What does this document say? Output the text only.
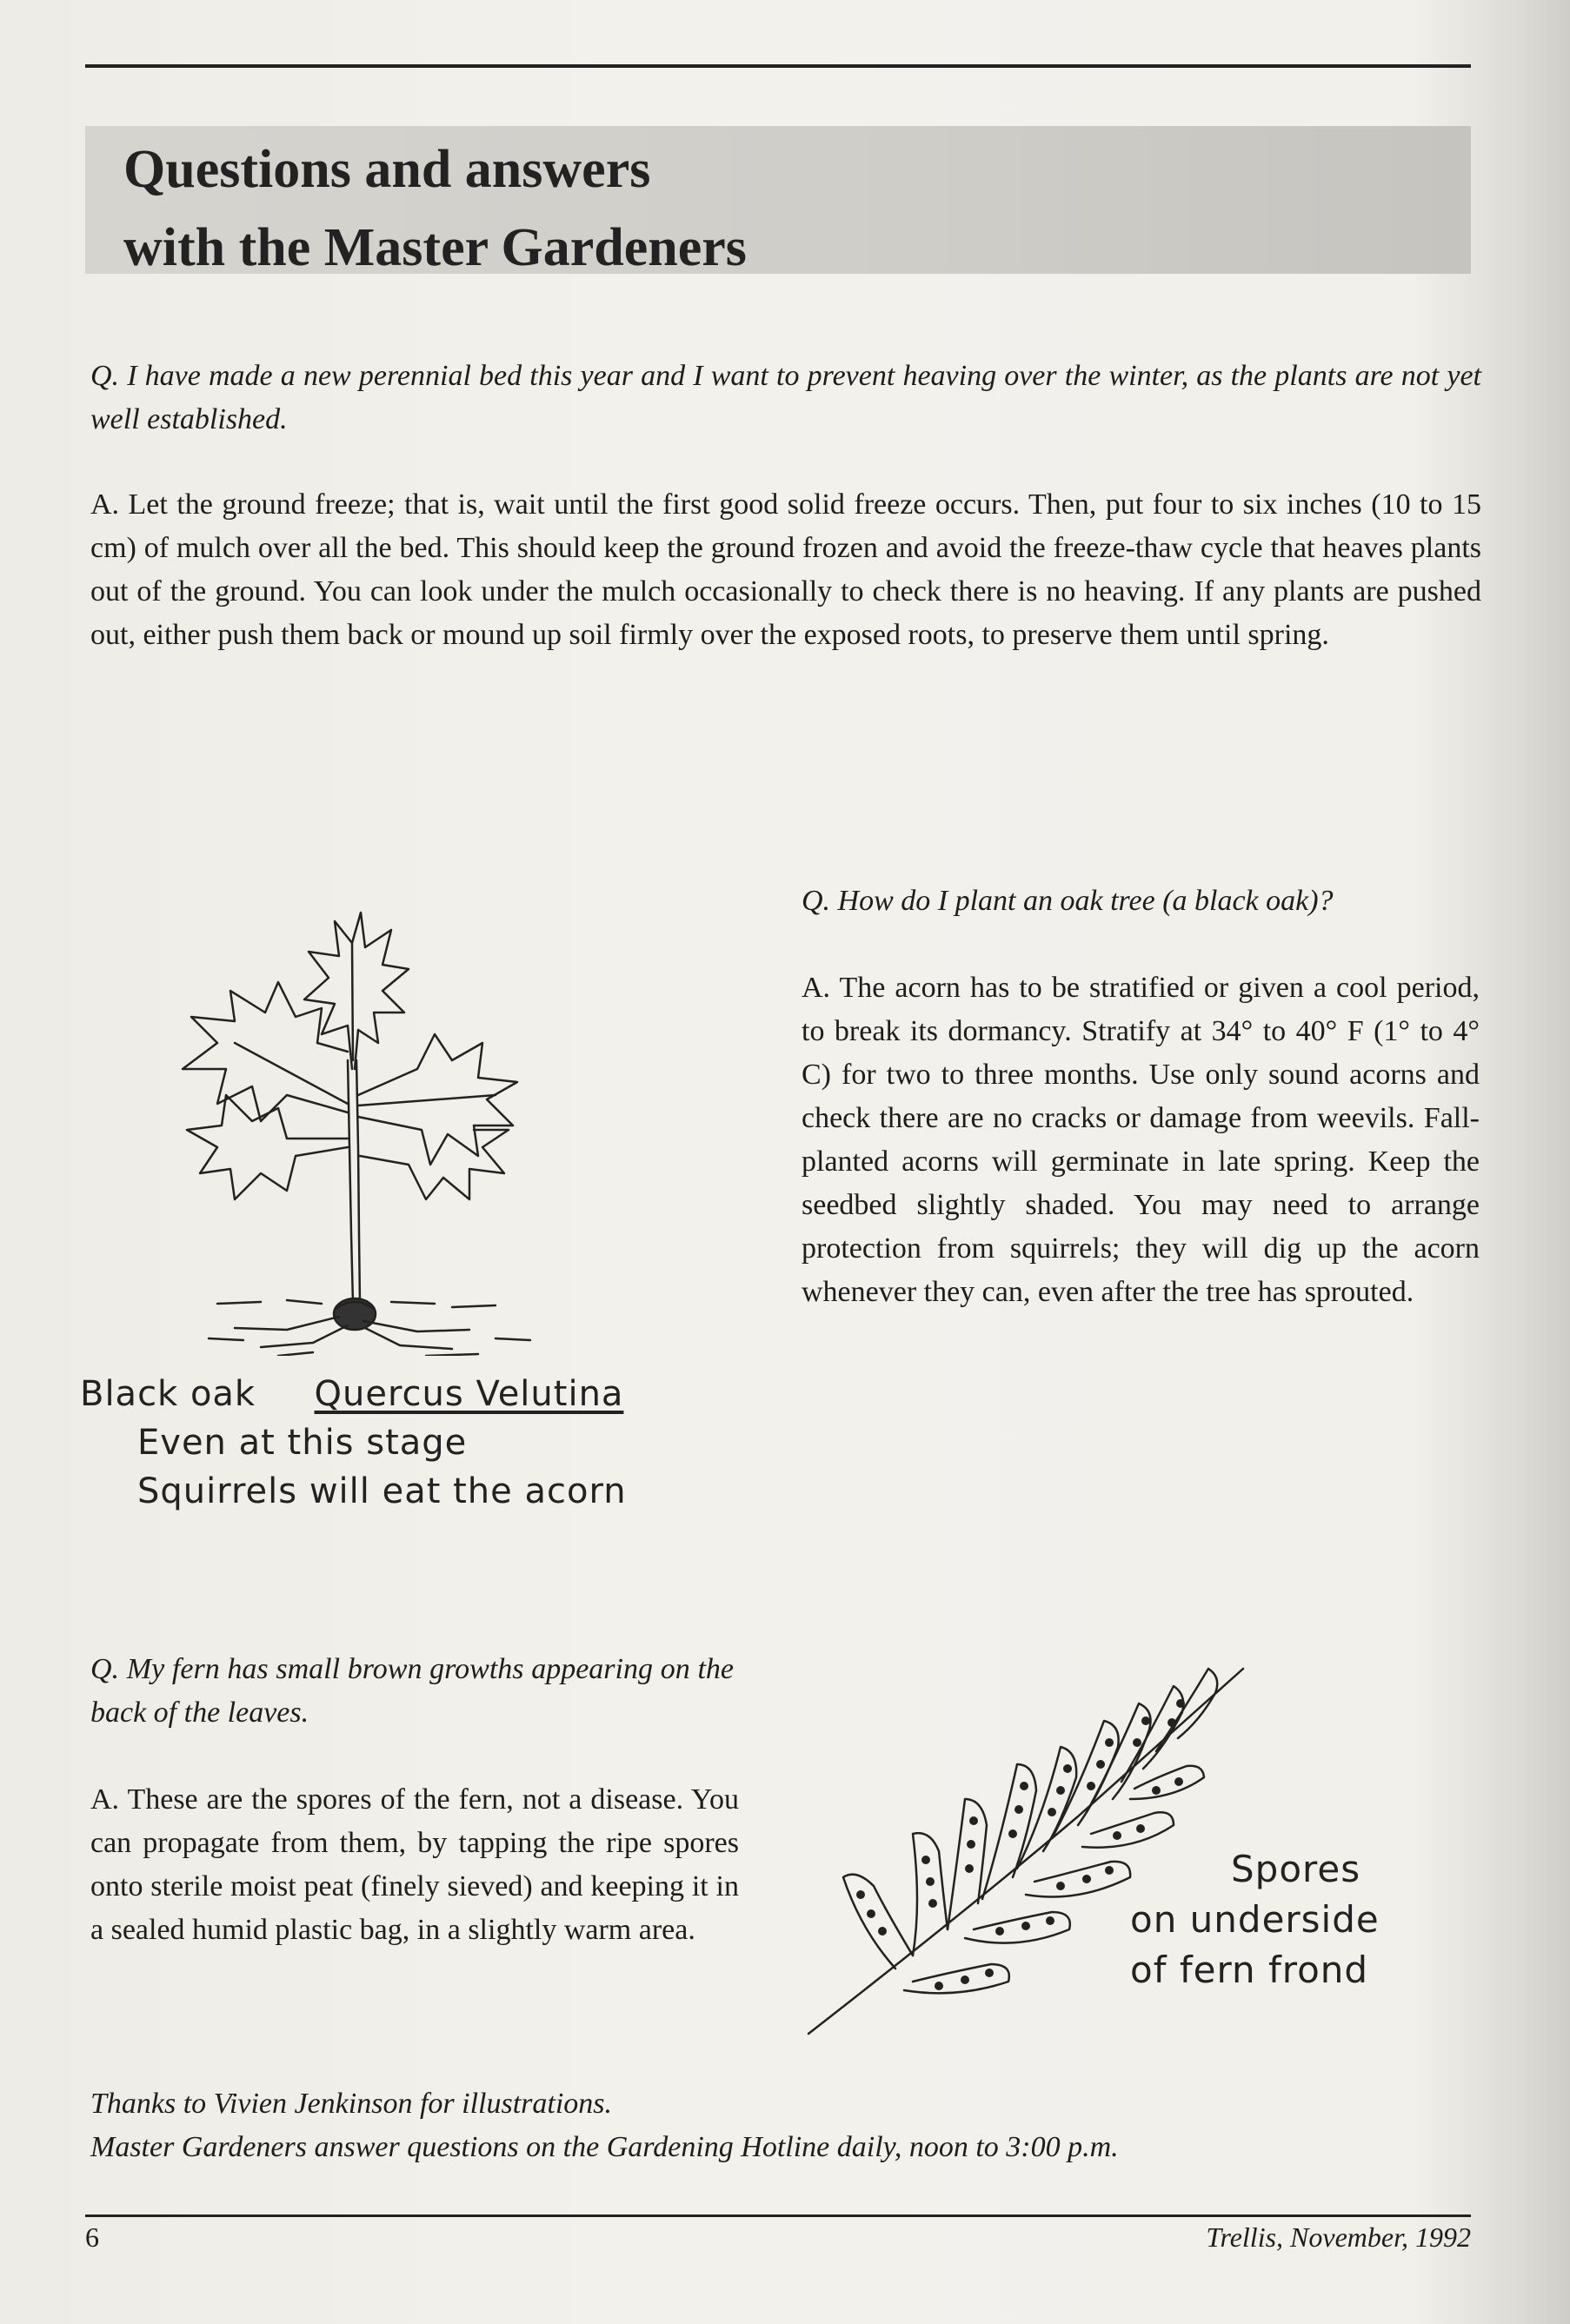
Questions and answers
with the Master Gardeners
Q. I have made a new perennial bed this year and I want to prevent heaving over the winter, as the plants are not yet well established.
A. Let the ground freeze; that is, wait until the first good solid freeze occurs. Then, put four to six inches (10 to 15 cm) of mulch over all the bed. This should keep the ground frozen and avoid the freeze-thaw cycle that heaves plants out of the ground. You can look under the mulch occasionally to check there is no heaving. If any plants are pushed out, either push them back or mound up soil firmly over the exposed roots, to preserve them until spring.
Black oak Quercus Velutina
Even at this stage
Squirrels will eat the acorn
Q. How do I plant an oak tree (a black oak)?
A. The acorn has to be stratified or given a cool period, to break its dormancy. Stratify at 34° to 40° F (1° to 4° C) for two to three months. Use only sound acorns and check there are no cracks or damage from weevils. Fall-planted acorns will germinate in late spring. Keep the seedbed slightly shaded. You may need to arrange protection from squirrels; they will dig up the acorn whenever they can, even after the tree has sprouted.
Q. My fern has small brown growths appearing on the back of the leaves.
A. These are the spores of the fern, not a disease. You can propagate from them, by tapping the ripe spores onto sterile moist peat (finely sieved) and keeping it in a sealed humid plastic bag, in a slightly warm area.
Spores
on underside
of fern frond
Thanks to Vivien Jenkinson for illustrations.
Master Gardeners answer questions on the Gardening Hotline daily, noon to 3:00 p.m.
6	Trellis, November, 1992
